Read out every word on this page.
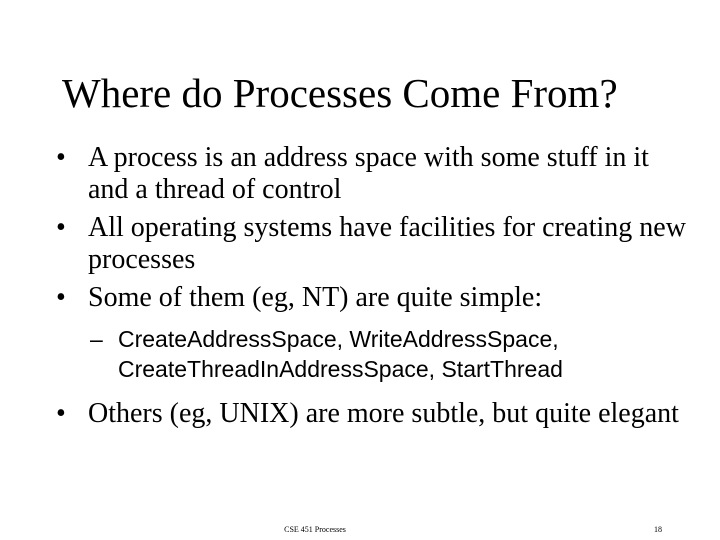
Where do Processes Come From?
• A process is an address space with some stuff in it and a thread of control
• All operating systems have facilities for creating new processes
• Some of them (eg, NT) are quite simple:
– CreateAddressSpace, WriteAddressSpace, CreateThreadInAddressSpace, StartThread
• Others (eg, UNIX) are more subtle, but quite elegant
CSE 451 Processes	18
